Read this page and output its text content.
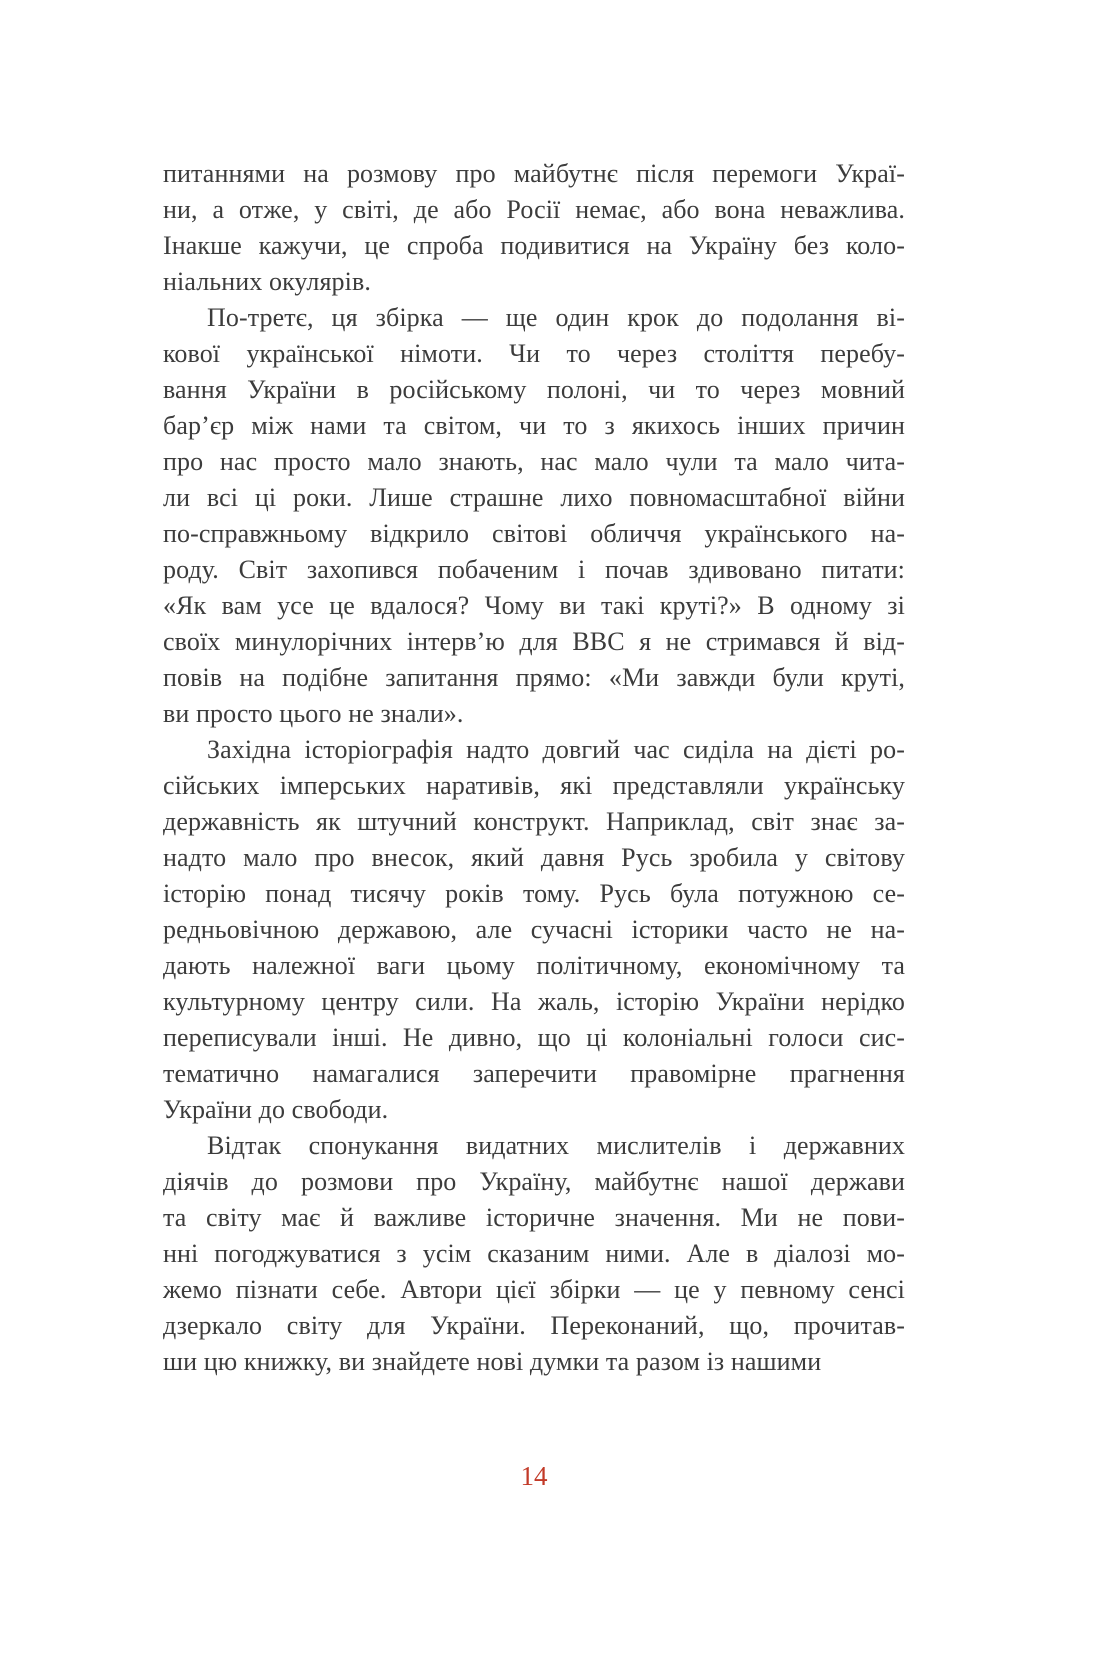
питаннями на розмову про майбутнє після перемоги Украї-
ни, а отже, у світі, де або Росії немає, або вона неважлива.
Інакше кажучи, це спроба подивитися на Україну без коло-
ніальних окулярів.
По-третє, ця збірка — ще один крок до подолання ві-
кової української німоти. Чи то через століття перебу-
вання України в російському полоні, чи то через мовний
бар’єр між нами та світом, чи то з якихось інших причин
про нас просто мало знають, нас мало чули та мало чита-
ли всі ці роки. Лише страшне лихо повномасштабної війни
по-справжньому відкрило світові обличчя українського на-
роду. Світ захопився побаченим і почав здивовано питати:
«Як вам усе це вдалося? Чому ви такі круті?» В одному зі
своїх минулорічних інтерв’ю для BBC я не стримався й від-
повів на подібне запитання прямо: «Ми завжди були круті,
ви просто цього не знали».
Західна історіографія надто довгий час сиділа на дієті ро-
сійських імперських наративів, які представляли українську
державність як штучний конструкт. Наприклад, світ знає за-
надто мало про внесок, який давня Русь зробила у світову
історію понад тисячу років тому. Русь була потужною се-
редньовічною державою, але сучасні історики часто не на-
дають належної ваги цьому політичному, економічному та
культурному центру сили. На жаль, історію України нерідко
переписували інші. Не дивно, що ці колоніальні голоси сис-
тематично намагалися заперечити правомірне прагнення
України до свободи.
Відтак спонукання видатних мислителів і державних
діячів до розмови про Україну, майбутнє нашої держави
та світу має й важливе історичне значення. Ми не пови-
нні погоджуватися з усім сказаним ними. Але в діалозі мо-
жемо пізнати себе. Автори цієї збірки — це у певному сенсі
дзеркало світу для України. Переконаний, що, прочитав-
ши цю книжку, ви знайдете нові думки та разом із нашими
14
